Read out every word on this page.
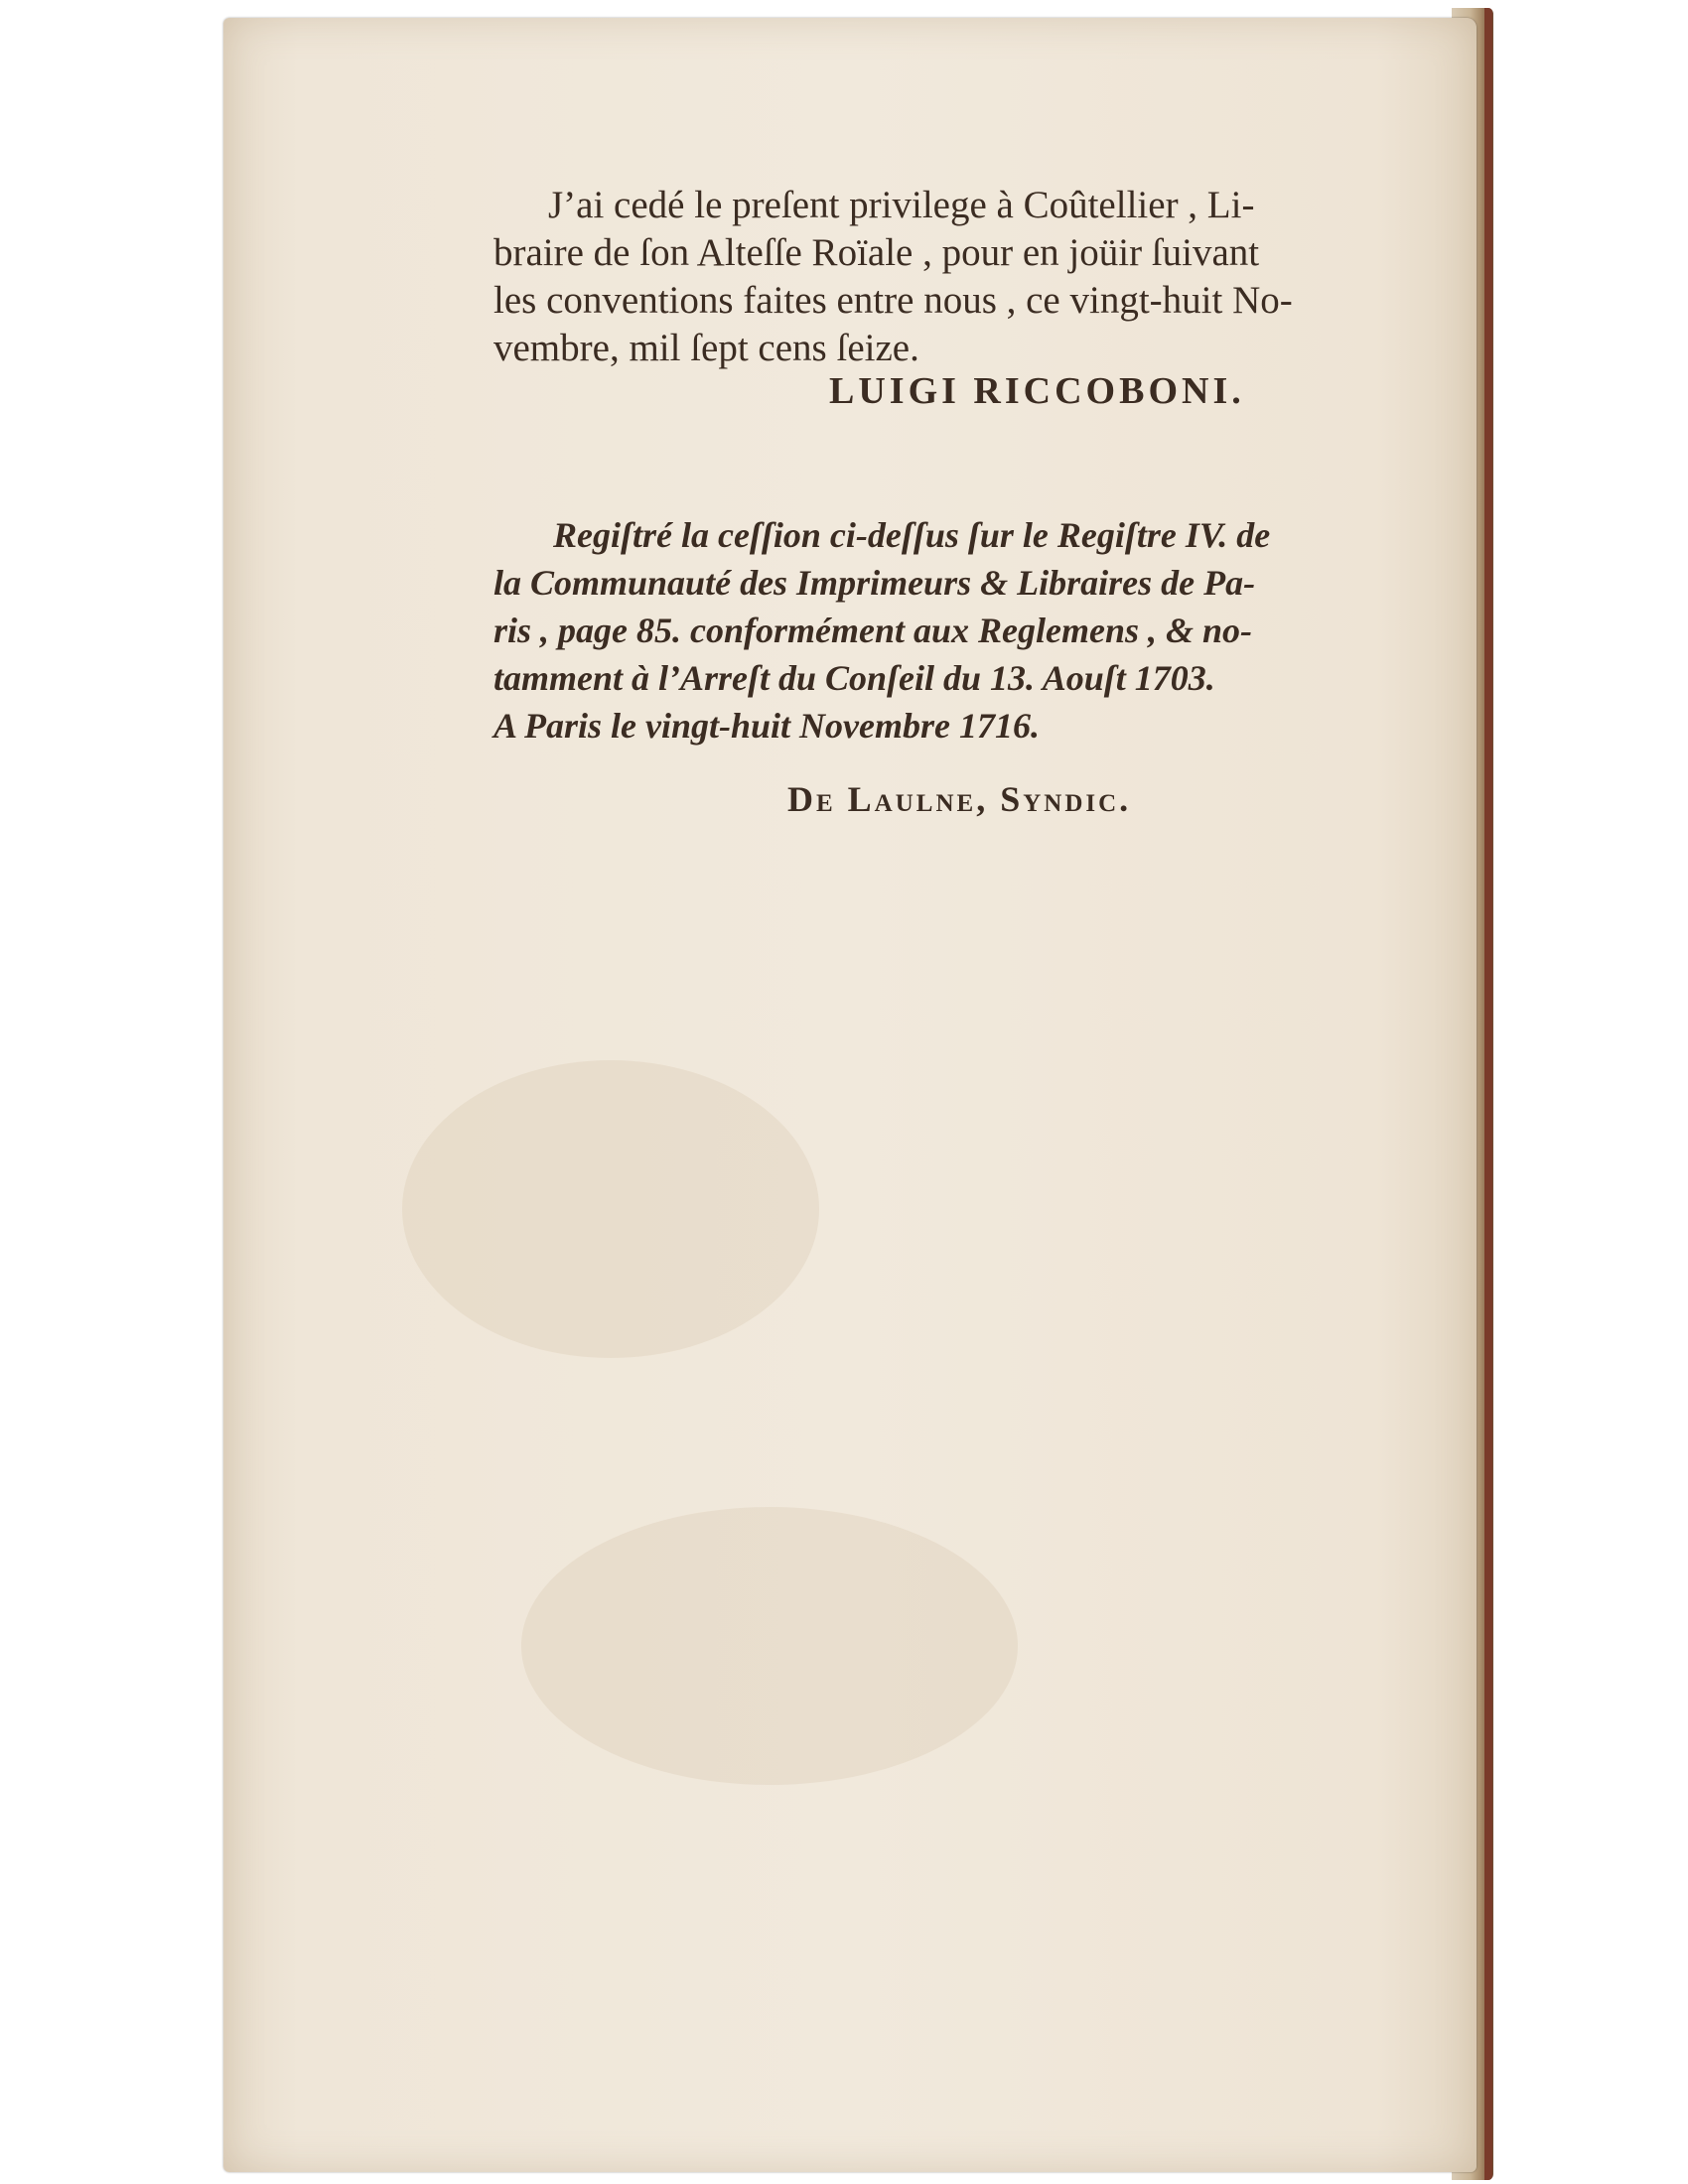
J’ai cedé le preſent privilege à Coûtellier , Li-
braire de ſon Alteſſe Roïale , pour en joüir ſuivant
les conventions faites entre nous , ce vingt-huit No-
vembre, mil ſept cens ſeize.
LUIGI RICCOBONI.
Regiſtré la ceſſion ci-deſſus ſur le Regiſtre IV. de
la Communauté des Imprimeurs & Libraires de Pa-
ris , page 85. conformément aux Reglemens , & no-
tamment à l’Arreſt du Conſeil du 13. Aouſt 1703.
A Paris le vingt-huit Novembre 1716.
De Laulne, Syndic.
